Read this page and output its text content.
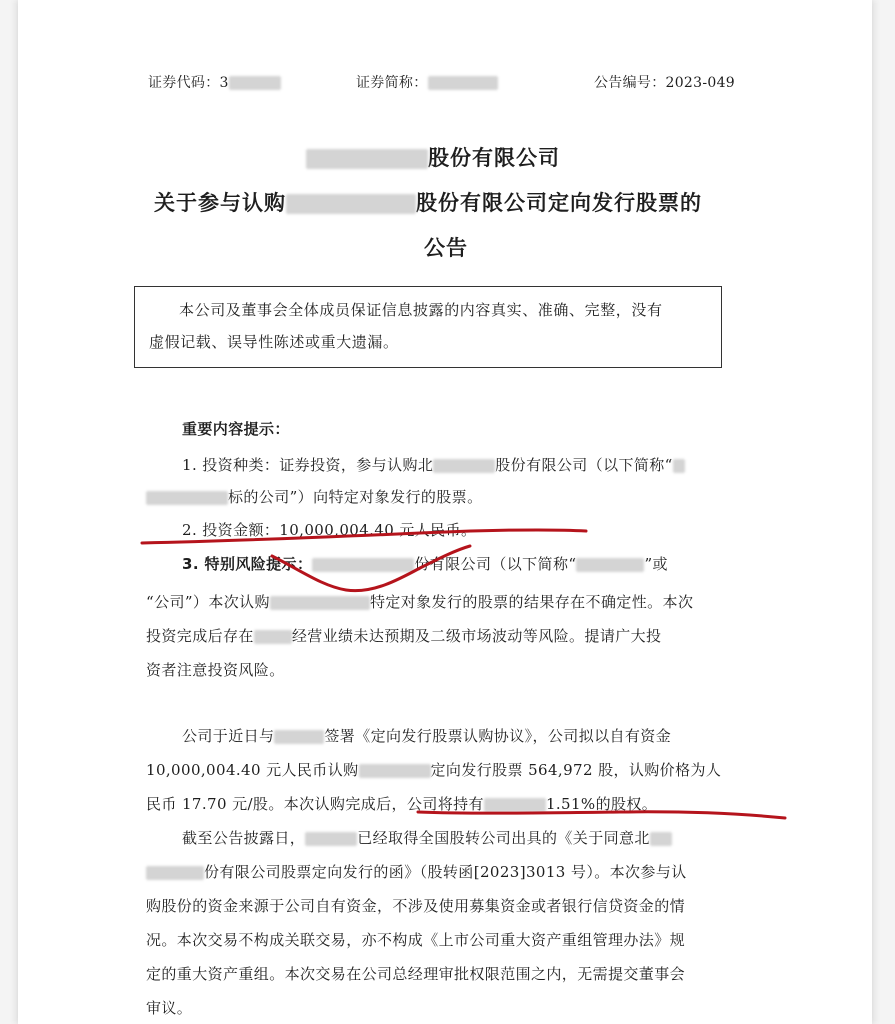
证券代码：3	证券简称：	公告编号：2023-049
股份有限公司
关于参与认购	股份有限公司定向发行股票的
公告
本公司及董事会全体成员保证信息披露的内容真实、准确、完整，没有
虚假记载、误导性陈述或重大遗漏。
重要内容提示：
1. 投资种类：证券投资，参与认购北	股份有限公司（以下简称“
标的公司”）向特定对象发行的股票。
2. 投资金额：10,000,004.40 元人民币。
3. 特别风险提示：	份有限公司（以下简称“	”或
“公司”）本次认购	特定对象发行的股票的结果存在不确定性。本次
投资完成后存在	经营业绩未达预期及二级市场波动等风险。提请广大投
资者注意投资风险。
公司于近日与	签署《定向发行股票认购协议》，公司拟以自有资金
10,000,004.40 元人民币认购	定向发行股票 564,972 股，认购价格为人
民币 17.70 元/股。本次认购完成后，公司将持有	1.51%的股权。
截至公告披露日，	已经取得全国股转公司出具的《关于同意北
份有限公司股票定向发行的函》（股转函[2023]3013 号）。本次参与认
购股份的资金来源于公司自有资金，不涉及使用募集资金或者银行信贷资金的情
况。本次交易不构成关联交易，亦不构成《上市公司重大资产重组管理办法》规
定的重大资产重组。本次交易在公司总经理审批权限范围之内，无需提交董事会
审议。
